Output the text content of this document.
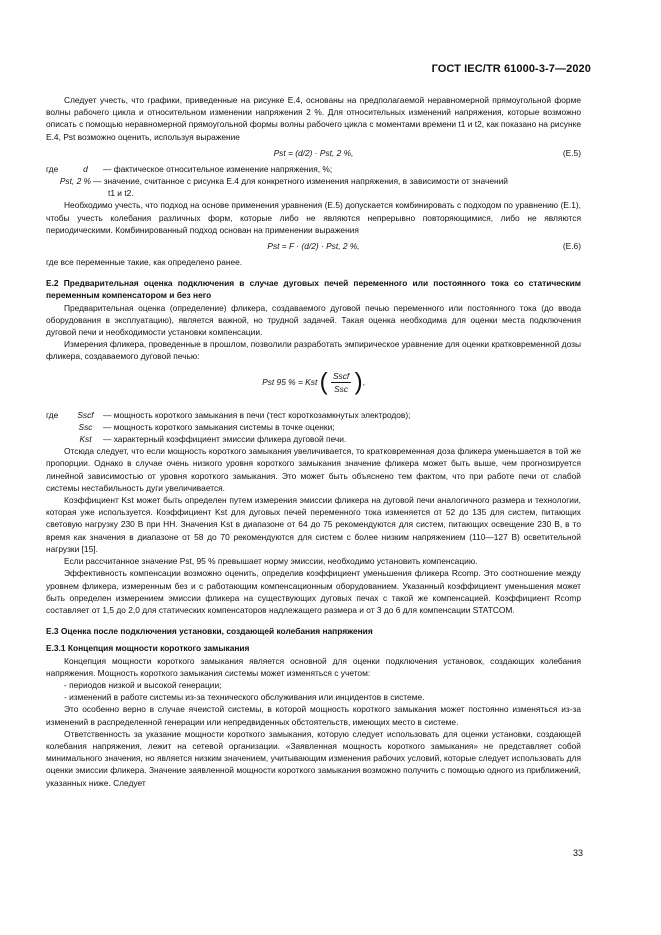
ГОСТ IEC/TR 61000-3-7—2020

Следует учесть, что графики, приведенные на рисунке Е.4, основаны на предполагаемой неравномерной прямоугольной форме волны рабочего цикла и относительном изменении напряжения 2 %. Для относительных изменений напряжения, которые возможно описать с помощью неравномерной прямоугольной формы волны рабочего цикла с моментами времени t1 и t2, как показано на рисунке Е.4, Pst возможно оценить, используя выражение

Pst = (d/2) · Pst, 2 %,	(Е.5)
где	d	— фактическое относительное изменение напряжения, %;
Pst, 2 % — значение, считанное с рисунка Е.4 для конкретного изменения напряжения, в зависимости от значений
t1 и t2.

Необходимо учесть, что подход на основе применения уравнения (Е.5) допускается комбинировать с подходом по уравнению (Е.1), чтобы учесть колебания различных форм, которые либо не являются непрерывно повторяющимися, либо не являются периодическими. Комбинированный подход основан на применении выражения

Pst = F · (d/2) · Pst, 2 %,	(Е.6)

где все переменные такие, как определено ранее.

Е.2 Предварительная оценка подключения в случае дуговых печей переменного или постоянного тока со статическим переменным компенсатором и без него

Предварительная оценка (определение) фликера, создаваемого дуговой печью переменного или постоянного тока (до ввода оборудования в эксплуатацию), является важной, но трудной задачей. Такая оценка необходима для оценки места подключения дуговой печи и необходимости установки компенсации.

Измерения фликера, проведенные в прошлом, позволили разработать эмпирическое уравнение для оценки кратковременной дозы фликера, создаваемого дуговой печью:

Pst 95 % = Kst ( $\frac{\text{Sscf}}{\text{Ssc}}$ ),
где	Sscf	— мощность короткого замыкания в печи (тест короткозамкнутых электродов);
Ssc	— мощность короткого замыкания системы в точке оценки;
Kst	— характерный коэффициент эмиссии фликера дуговой печи.

Отсюда следует, что если мощность короткого замыкания увеличивается, то кратковременная доза фликера уменьшается в той же пропорции. Однако в случае очень низкого уровня короткого замыкания значение фликера может быть выше, чем прогнозируется линейной зависимостью от уровня короткого замыкания. Это может быть объяснено тем фактом, что при работе печи от слабой системы нестабильность дуги увеличивается.

Коэффициент Kst может быть определен путем измерения эмиссии фликера на дуговой печи аналогичного размера и технологии, которая уже используется. Коэффициент Kst для дуговых печей переменного тока изменяется от 52 до 135 для систем, питающих световую нагрузку 230 В при НН. Значения Kst в диапазоне от 64 до 75 рекомендуются для систем, питающих освещение 230 В, в то время как значения в диапазоне от 58 до 70 рекомендуются для систем с более низким напряжением (110—127 В) осветительной нагрузки [15].

Если рассчитанное значение Pst, 95 % превышает норму эмиссии, необходимо установить компенсацию.

Эффективность компенсации возможно оценить, определив коэффициент уменьшения фликера Rcomp. Это соотношение между уровнем фликера, измеренным без и с работающим компенсационным оборудованием. Указанный коэффициент уменьшения может быть определен измерением эмиссии фликера на существующих дуговых печах с такой же компенсацией. Коэффициент Rcomp составляет от 1,5 до 2,0 для статических компенсаторов надлежащего размера и от 3 до 6 для компенсации STATCOM.

Е.3 Оценка после подключения установки, создающей колебания напряжения
Е.3.1 Концепция мощности короткого замыкания

Концепция мощности короткого замыкания является основной для оценки подключения установок, создающих колебания напряжения. Мощность короткого замыкания системы может изменяться с учетом:

- периодов низкой и высокой генерации;

- изменений в работе системы из-за технического обслуживания или инцидентов в системе.

Это особенно верно в случае ячеистой системы, в которой мощность короткого замыкания может постоянно изменяться из-за изменений в распределенной генерации или непредвиденных обстоятельств, имеющих место в системе.

Ответственность за указание мощности короткого замыкания, которую следует использовать для оценки установки, создающей колебания напряжения, лежит на сетевой организации. «Заявленная мощность короткого замыкания» не представляет собой минимального значения, но является низким значением, учитывающим изменения рабочих условий, которые следует использовать для оценки эмиссии фликера. Значение заявленной мощности короткого замыкания возможно получить с помощью одного из приближений, указанных ниже. Следует

33
